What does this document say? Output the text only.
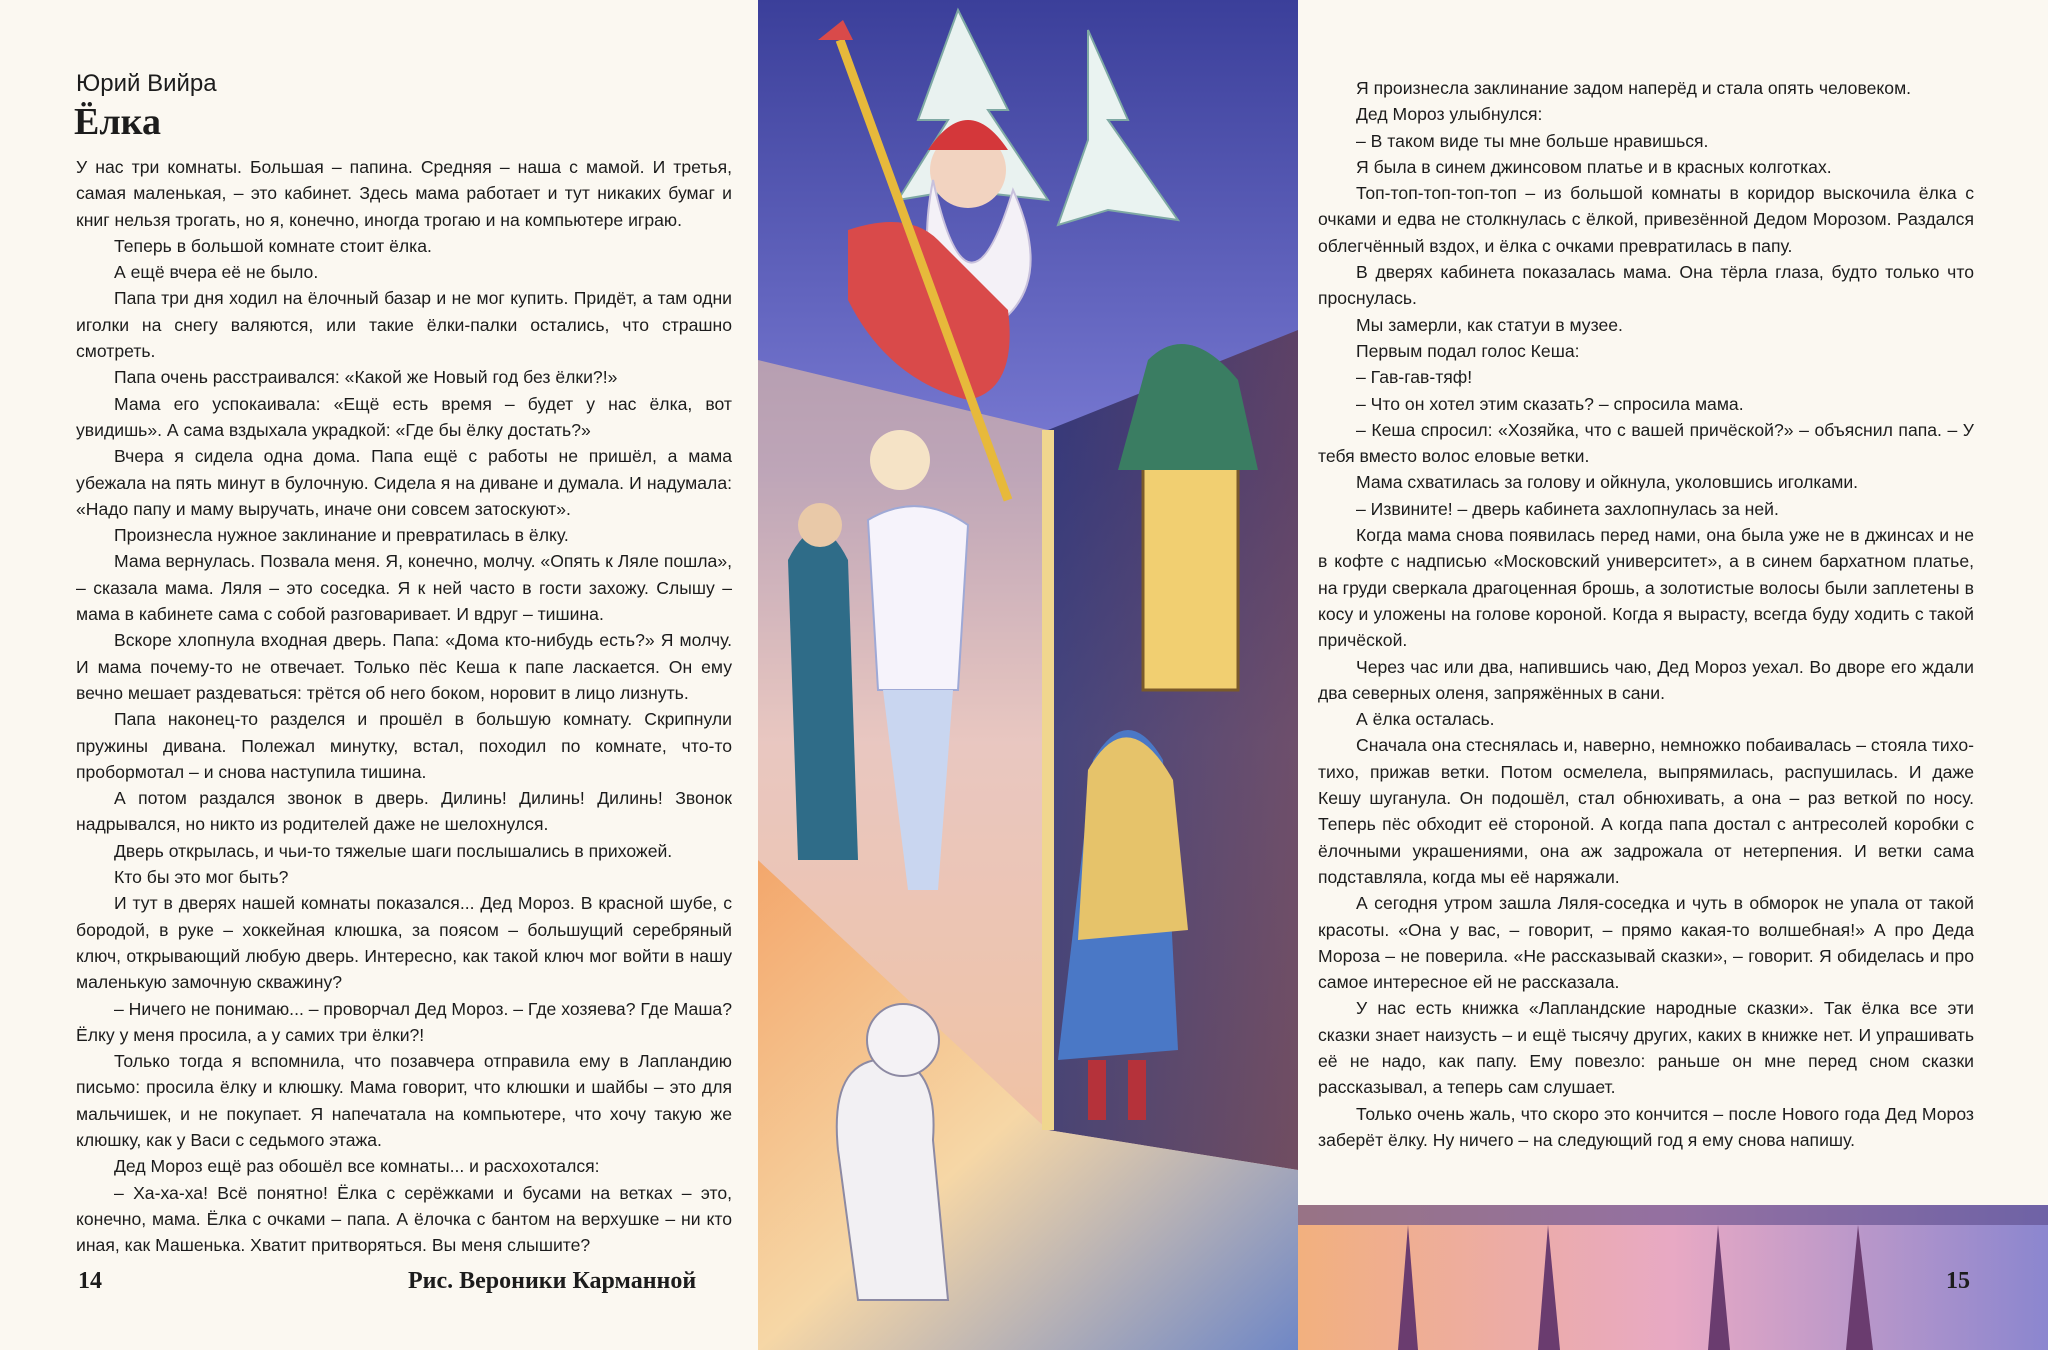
Юрий Вийра
Ёлка

У нас три комнаты. Большая – папина. Средняя – наша с мамой. И третья, самая маленькая, – это кабинет. Здесь мама работает и тут никаких бумаг и книг нельзя трогать, но я, конечно, иногда трогаю и на компьютере играю.

Теперь в большой комнате стоит ёлка.

А ещё вчера её не было.

Папа три дня ходил на ёлочный базар и не мог купить. Придёт, а там одни иголки на снегу валяются, или такие ёлки-палки остались, что страшно смотреть.

Папа очень расстраивался: «Какой же Новый год без ёлки?!»

Мама его успокаивала: «Ещё есть время – будет у нас ёлка, вот увидишь». А сама вздыхала украдкой: «Где бы ёлку достать?»

Вчера я сидела одна дома. Папа ещё с работы не пришёл, а мама убежала на пять минут в булочную. Сидела я на диване и думала. И надумала: «Надо папу и маму выручать, иначе они совсем затоскуют».

Произнесла нужное заклинание и превратилась в ёлку.

Мама вернулась. Позвала меня. Я, конечно, молчу. «Опять к Ляле пошла», – сказала мама. Ляля – это соседка. Я к ней часто в гости захожу. Слышу – мама в кабинете сама с собой разговаривает. И вдруг – тишина.

Вскоре хлопнула входная дверь. Папа: «Дома кто-нибудь есть?» Я молчу. И мама почему-то не отвечает. Только пёс Кеша к папе ласкается. Он ему вечно мешает раздеваться: трётся об него боком, норовит в лицо лизнуть.

Папа наконец-то разделся и прошёл в большую комнату. Скрипнули пружины дивана. Полежал минутку, встал, походил по комнате, что-то пробормотал – и снова наступила тишина.

А потом раздался звонок в дверь. Дилинь! Дилинь! Дилинь! Звонок надрывался, но никто из родителей даже не шелохнулся.

Дверь открылась, и чьи-то тяжелые шаги послышались в прихожей.

Кто бы это мог быть?

И тут в дверях нашей комнаты показался... Дед Мороз. В красной шубе, с бородой, в руке – хоккейная клюшка, за поясом – большущий серебряный ключ, открывающий любую дверь. Интересно, как такой ключ мог войти в нашу маленькую замочную скважину?

– Ничего не понимаю... – проворчал Дед Мороз. – Где хозяева? Где Маша? Ёлку у меня просила, а у самих три ёлки?!

Только тогда я вспомнила, что позавчера отправила ему в Лапландию письмо: просила ёлку и клюшку. Мама говорит, что клюшки и шайбы – это для мальчишек, и не покупает. Я напечатала на компьютере, что хочу такую же клюшку, как у Васи с седьмого этажа.

Дед Мороз ещё раз обошёл все комнаты... и расхохотался:

– Ха-ха-ха! Всё понятно! Ёлка с серёжками и бусами на ветках – это, конечно, мама. Ёлка с очками – папа. А ёлочка с бантом на верхушке – ни кто иная, как Машенька. Хватит притворяться. Вы меня слышите?

14	Рис. Вероники Карманной

Я произнесла заклинание задом наперёд и стала опять человеком.

Дед Мороз улыбнулся:

– В таком виде ты мне больше нравишься.

Я была в синем джинсовом платье и в красных колготках.

Топ-топ-топ-топ-топ – из большой комнаты в коридор выскочила ёлка с очками и едва не столкнулась с ёлкой, привезённой Дедом Морозом. Раздался облегчённый вздох, и ёлка с очками превратилась в папу.

В дверях кабинета показалась мама. Она тёрла глаза, будто только что проснулась.

Мы замерли, как статуи в музее.

Первым подал голос Кеша:

– Гав-гав-тяф!

– Что он хотел этим сказать? – спросила мама.

– Кеша спросил: «Хозяйка, что с вашей причёской?» – объяснил папа. – У тебя вместо волос еловые ветки.

Мама схватилась за голову и ойкнула, уколовшись иголками.

– Извините! – дверь кабинета захлопнулась за ней.

Когда мама снова появилась перед нами, она была уже не в джинсах и не в кофте с надписью «Московский университет», а в синем бархатном платье, на груди сверкала драгоценная брошь, а золотистые волосы были заплетены в косу и уложены на голове короной. Когда я вырасту, всегда буду ходить с такой причёской.

Через час или два, напившись чаю, Дед Мороз уехал. Во дворе его ждали два северных оленя, запряжённых в сани.

А ёлка осталась.

Сначала она стеснялась и, наверно, немножко побаивалась – стояла тихо-тихо, прижав ветки. Потом осмелела, выпрямилась, распушилась. И даже Кешу шуганула. Он подошёл, стал обнюхивать, а она – раз веткой по носу. Теперь пёс обходит её стороной. А когда папа достал с антресолей коробки с ёлочными украшениями, она аж задрожала от нетерпения. И ветки сама подставляла, когда мы её наряжали.

А сегодня утром зашла Ляля-соседка и чуть в обморок не упала от такой красоты. «Она у вас, – говорит, – прямо какая-то волшебная!» А про Деда Мороза – не поверила. «Не рассказывай сказки», – говорит. Я обиделась и про самое интересное ей не рассказала.

У нас есть книжка «Лапландские народные сказки». Так ёлка все эти сказки знает наизусть – и ещё тысячу других, каких в книжке нет. И упрашивать её не надо, как папу. Ему повезло: раньше он мне перед сном сказки рассказывал, а теперь сам слушает.

Только очень жаль, что скоро это кончится – после Нового года Дед Мороз заберёт ёлку. Ну ничего – на следующий год я ему снова напишу.

15
